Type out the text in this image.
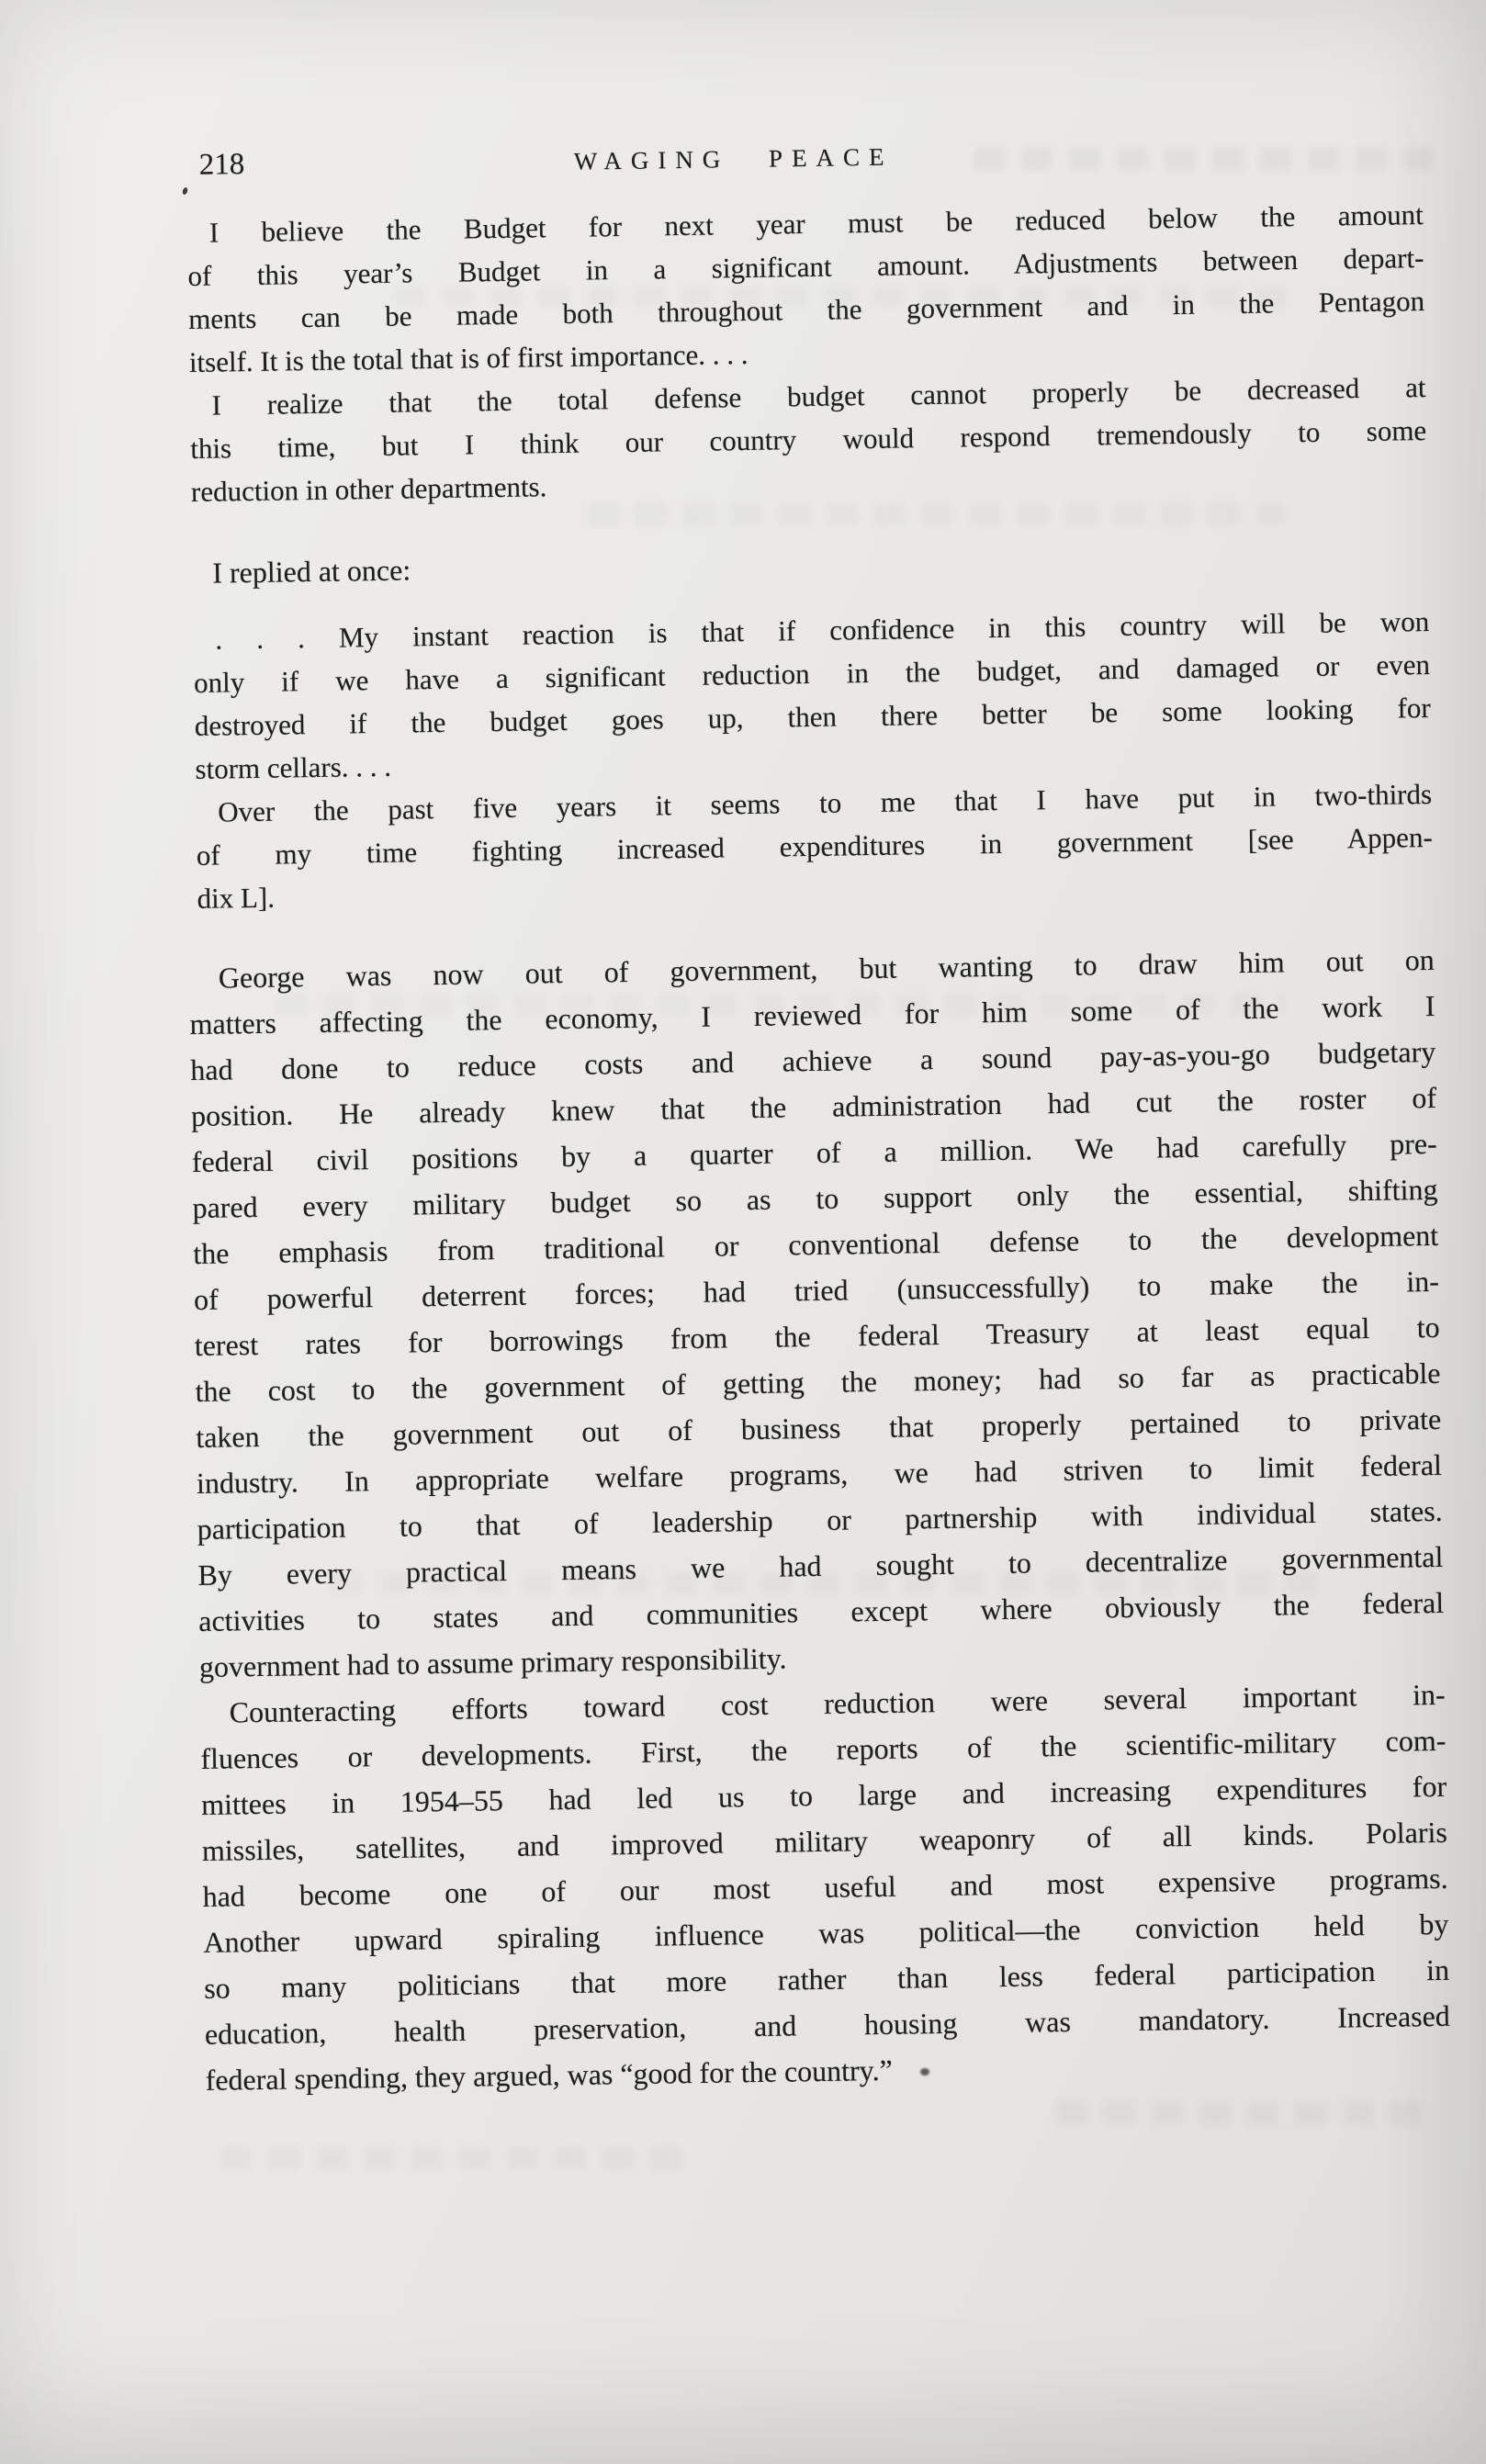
218	WAGING PEACE
I believe the Budget for next year must be reduced below the amount
of this year’s Budget in a significant amount. Adjustments between depart-
ments can be made both throughout the government and in the Pentagon
itself. It is the total that is of first importance. . . .
I realize that the total defense budget cannot properly be decreased at
this time, but I think our country would respond tremendously to some
reduction in other departments.
I replied at once:
. . . My instant reaction is that if confidence in this country will be won
only if we have a significant reduction in the budget, and damaged or even
destroyed if the budget goes up, then there better be some looking for
storm cellars. . . .
Over the past five years it seems to me that I have put in two-thirds
of my time fighting increased expenditures in government [see Appen-
dix L].
George was now out of government, but wanting to draw him out on
matters affecting the economy, I reviewed for him some of the work I
had done to reduce costs and achieve a sound pay-as-you-go budgetary
position. He already knew that the administration had cut the roster of
federal civil positions by a quarter of a million. We had carefully pre-
pared every military budget so as to support only the essential, shifting
the emphasis from traditional or conventional defense to the development
of powerful deterrent forces; had tried (unsuccessfully) to make the in-
terest rates for borrowings from the federal Treasury at least equal to
the cost to the government of getting the money; had so far as practicable
taken the government out of business that properly pertained to private
industry. In appropriate welfare programs, we had striven to limit federal
participation to that of leadership or partnership with individual states.
By every practical means we had sought to decentralize governmental
activities to states and communities except where obviously the federal
government had to assume primary responsibility.
Counteracting efforts toward cost reduction were several important in-
fluences or developments. First, the reports of the scientific-military com-
mittees in 1954–55 had led us to large and increasing expenditures for
missiles, satellites, and improved military weaponry of all kinds. Polaris
had become one of our most useful and most expensive programs.
Another upward spiraling influence was political—the conviction held by
so many politicians that more rather than less federal participation in
education, health preservation, and housing was mandatory. Increased
federal spending, they argued, was “good for the country.”
